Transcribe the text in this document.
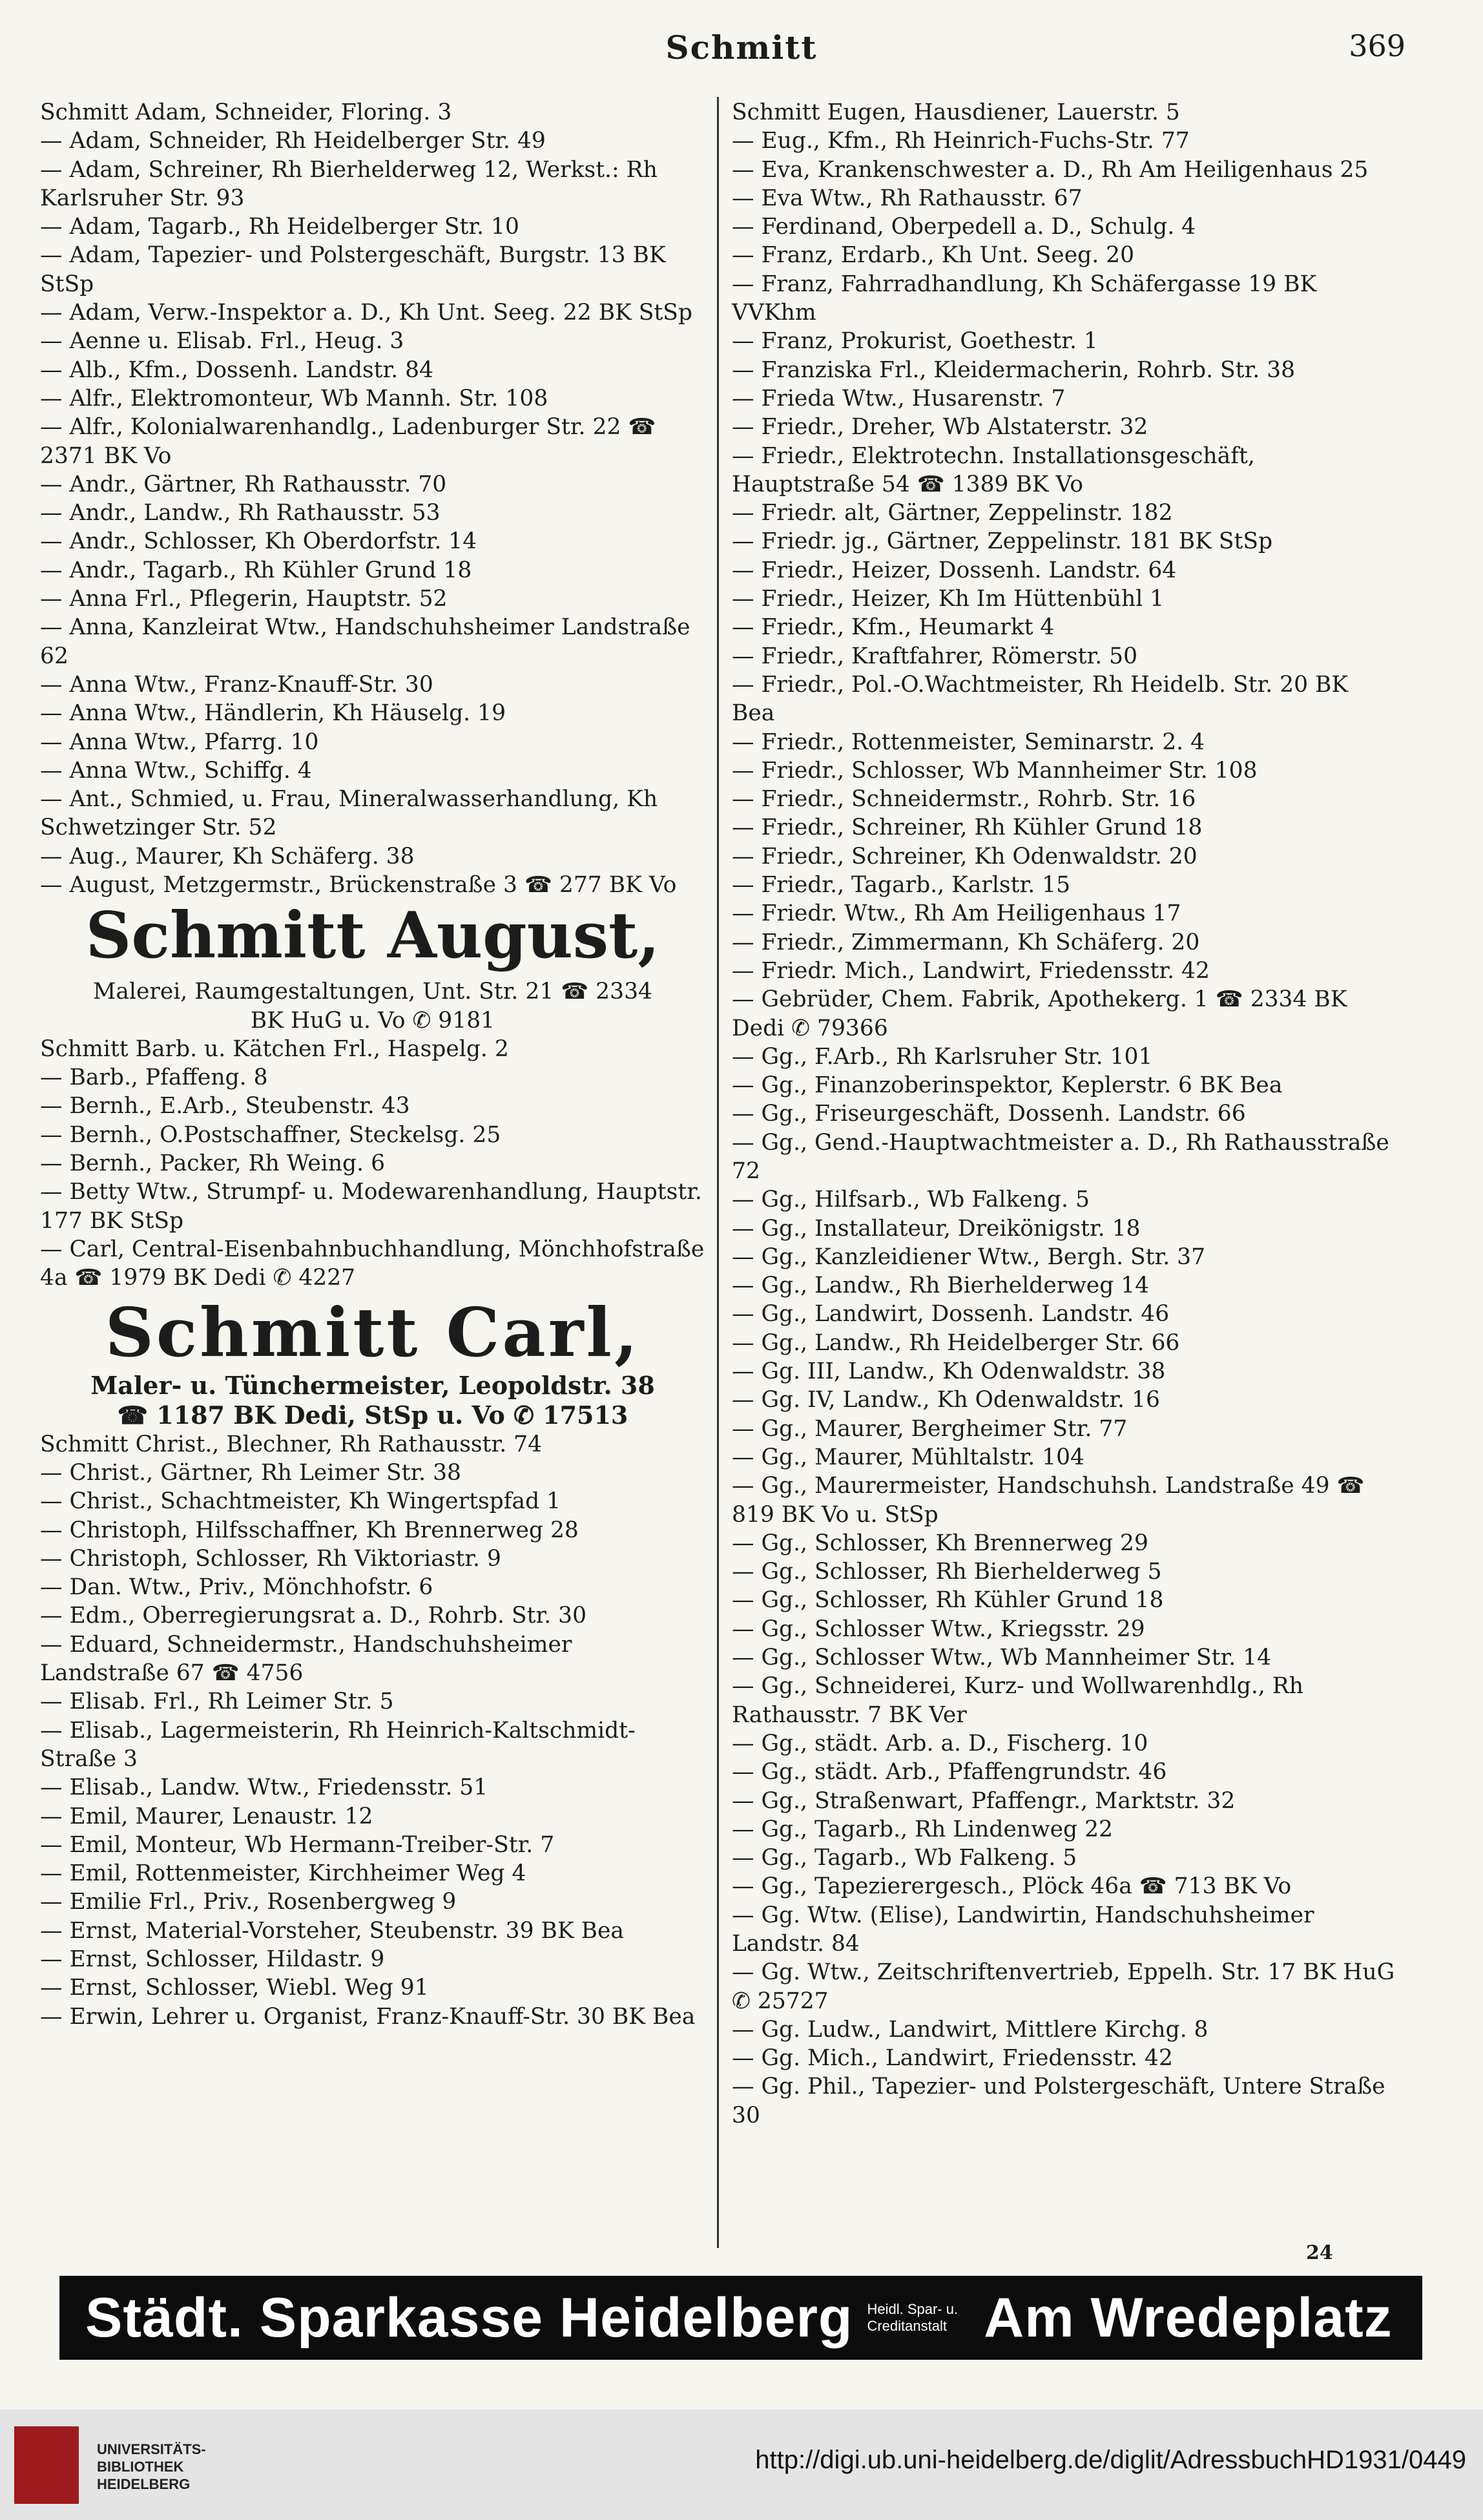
Schmitt	369
Schmitt Adam, Schneider, Floring. 3
— Adam, Schneider, Rh Heidelberger Str. 49
— Adam, Schreiner, Rh Bierhelderweg 12, Werkst.: Rh Karlsruher Str. 93
— Adam, Tagarb., Rh Heidelberger Str. 10
— Adam, Tapezier- und Polstergeschäft, Burgstr. 13 BK StSp
— Adam, Verw.-Inspektor a. D., Kh Unt. Seeg. 22 BK StSp
— Aenne u. Elisab. Frl., Heug. 3
— Alb., Kfm., Dossenh. Landstr. 84
— Alfr., Elektromonteur, Wb Mannh. Str. 108
— Alfr., Kolonialwarenhandlg., Ladenburger Str. 22 ☎ 2371 BK Vo
— Andr., Gärtner, Rh Rathausstr. 70
— Andr., Landw., Rh Rathausstr. 53
— Andr., Schlosser, Kh Oberdorfstr. 14
— Andr., Tagarb., Rh Kühler Grund 18
— Anna Frl., Pflegerin, Hauptstr. 52
— Anna, Kanzleirat Wtw., Handschuhsheimer Landstraße 62
— Anna Wtw., Franz-Knauff-Str. 30
— Anna Wtw., Händlerin, Kh Häuselg. 19
— Anna Wtw., Pfarrg. 10
— Anna Wtw., Schiffg. 4
— Ant., Schmied, u. Frau, Mineralwasserhandlung, Kh Schwetzinger Str. 52
— Aug., Maurer, Kh Schäferg. 38
— August, Metzgermstr., Brückenstraße 3 ☎ 277 BK Vo
Schmitt August,
Malerei, Raumgestaltungen, Unt. Str. 21 ☎ 2334
BK HuG u. Vo ✆ 9181
Schmitt Barb. u. Kätchen Frl., Haspelg. 2
— Barb., Pfaffeng. 8
— Bernh., E.Arb., Steubenstr. 43
— Bernh., O.Postschaffner, Steckelsg. 25
— Bernh., Packer, Rh Weing. 6
— Betty Wtw., Strumpf- u. Modewarenhandlung, Hauptstr. 177 BK StSp
— Carl, Central-Eisenbahnbuchhandlung, Mönchhofstraße 4a ☎ 1979 BK Dedi ✆ 4227
Schmitt Carl,
Maler- u. Tünchermeister, Leopoldstr. 38
☎ 1187 BK Dedi, StSp u. Vo ✆ 17513
Schmitt Christ., Blechner, Rh Rathausstr. 74
— Christ., Gärtner, Rh Leimer Str. 38
— Christ., Schachtmeister, Kh Wingertspfad 1
— Christoph, Hilfsschaffner, Kh Brennerweg 28
— Christoph, Schlosser, Rh Viktoriastr. 9
— Dan. Wtw., Priv., Mönchhofstr. 6
— Edm., Oberregierungsrat a. D., Rohrb. Str. 30
— Eduard, Schneidermstr., Handschuhsheimer Landstraße 67 ☎ 4756
— Elisab. Frl., Rh Leimer Str. 5
— Elisab., Lagermeisterin, Rh Heinrich-Kaltschmidt-Straße 3
— Elisab., Landw. Wtw., Friedensstr. 51
— Emil, Maurer, Lenaustr. 12
— Emil, Monteur, Wb Hermann-Treiber-Str. 7
— Emil, Rottenmeister, Kirchheimer Weg 4
— Emilie Frl., Priv., Rosenbergweg 9
— Ernst, Material-Vorsteher, Steubenstr. 39 BK Bea
— Ernst, Schlosser, Hildastr. 9
— Ernst, Schlosser, Wiebl. Weg 91
— Erwin, Lehrer u. Organist, Franz-Knauff-Str. 30 BK Bea
Schmitt Eugen, Hausdiener, Lauerstr. 5
— Eug., Kfm., Rh Heinrich-Fuchs-Str. 77
— Eva, Krankenschwester a. D., Rh Am Heiligenhaus 25
— Eva Wtw., Rh Rathausstr. 67
— Ferdinand, Oberpedell a. D., Schulg. 4
— Franz, Erdarb., Kh Unt. Seeg. 20
— Franz, Fahrradhandlung, Kh Schäfergasse 19 BK VVKhm
— Franz, Prokurist, Goethestr. 1
— Franziska Frl., Kleidermacherin, Rohrb. Str. 38
— Frieda Wtw., Husarenstr. 7
— Friedr., Dreher, Wb Alstaterstr. 32
— Friedr., Elektrotechn. Installationsgeschäft, Hauptstraße 54 ☎ 1389 BK Vo
— Friedr. alt, Gärtner, Zeppelinstr. 182
— Friedr. jg., Gärtner, Zeppelinstr. 181 BK StSp
— Friedr., Heizer, Dossenh. Landstr. 64
— Friedr., Heizer, Kh Im Hüttenbühl 1
— Friedr., Kfm., Heumarkt 4
— Friedr., Kraftfahrer, Römerstr. 50
— Friedr., Pol.-O.Wachtmeister, Rh Heidelb. Str. 20 BK Bea
— Friedr., Rottenmeister, Seminarstr. 2. 4
— Friedr., Schlosser, Wb Mannheimer Str. 108
— Friedr., Schneidermstr., Rohrb. Str. 16
— Friedr., Schreiner, Rh Kühler Grund 18
— Friedr., Schreiner, Kh Odenwaldstr. 20
— Friedr., Tagarb., Karlstr. 15
— Friedr. Wtw., Rh Am Heiligenhaus 17
— Friedr., Zimmermann, Kh Schäferg. 20
— Friedr. Mich., Landwirt, Friedensstr. 42
— Gebrüder, Chem. Fabrik, Apothekerg. 1 ☎ 2334 BK Dedi ✆ 79366
— Gg., F.Arb., Rh Karlsruher Str. 101
— Gg., Finanzoberinspektor, Keplerstr. 6 BK Bea
— Gg., Friseurgeschäft, Dossenh. Landstr. 66
— Gg., Gend.-Hauptwachtmeister a. D., Rh Rathausstraße 72
— Gg., Hilfsarb., Wb Falkeng. 5
— Gg., Installateur, Dreikönigstr. 18
— Gg., Kanzleidiener Wtw., Bergh. Str. 37
— Gg., Landw., Rh Bierhelderweg 14
— Gg., Landwirt, Dossenh. Landstr. 46
— Gg., Landw., Rh Heidelberger Str. 66
— Gg. III, Landw., Kh Odenwaldstr. 38
— Gg. IV, Landw., Kh Odenwaldstr. 16
— Gg., Maurer, Bergheimer Str. 77
— Gg., Maurer, Mühltalstr. 104
— Gg., Maurermeister, Handschuhsh. Landstraße 49 ☎ 819 BK Vo u. StSp
— Gg., Schlosser, Kh Brennerweg 29
— Gg., Schlosser, Rh Bierhelderweg 5
— Gg., Schlosser, Rh Kühler Grund 18
— Gg., Schlosser Wtw., Kriegsstr. 29
— Gg., Schlosser Wtw., Wb Mannheimer Str. 14
— Gg., Schneiderei, Kurz- und Wollwarenhdlg., Rh Rathausstr. 7 BK Ver
— Gg., städt. Arb. a. D., Fischerg. 10
— Gg., städt. Arb., Pfaffengrundstr. 46
— Gg., Straßenwart, Pfaffengr., Marktstr. 32
— Gg., Tagarb., Rh Lindenweg 22
— Gg., Tagarb., Wb Falkeng. 5
— Gg., Tapezierergesch., Plöck 46a ☎ 713 BK Vo
— Gg. Wtw. (Elise), Landwirtin, Handschuhsheimer Landstr. 84
— Gg. Wtw., Zeitschriftenvertrieb, Eppelh. Str. 17 BK HuG ✆ 25727
— Gg. Ludw., Landwirt, Mittlere Kirchg. 8
— Gg. Mich., Landwirt, Friedensstr. 42
— Gg. Phil., Tapezier- und Polstergeschäft, Untere Straße 30
24
Städt. Sparkasse Heidelberg Heidl. Spar- u.
Creditanstalt Am Wredeplatz
UNIVERSITÄTS-
BIBLIOTHEK
HEIDELBERG
http://digi.ub.uni-heidelberg.de/diglit/AdressbuchHD1931/0449
